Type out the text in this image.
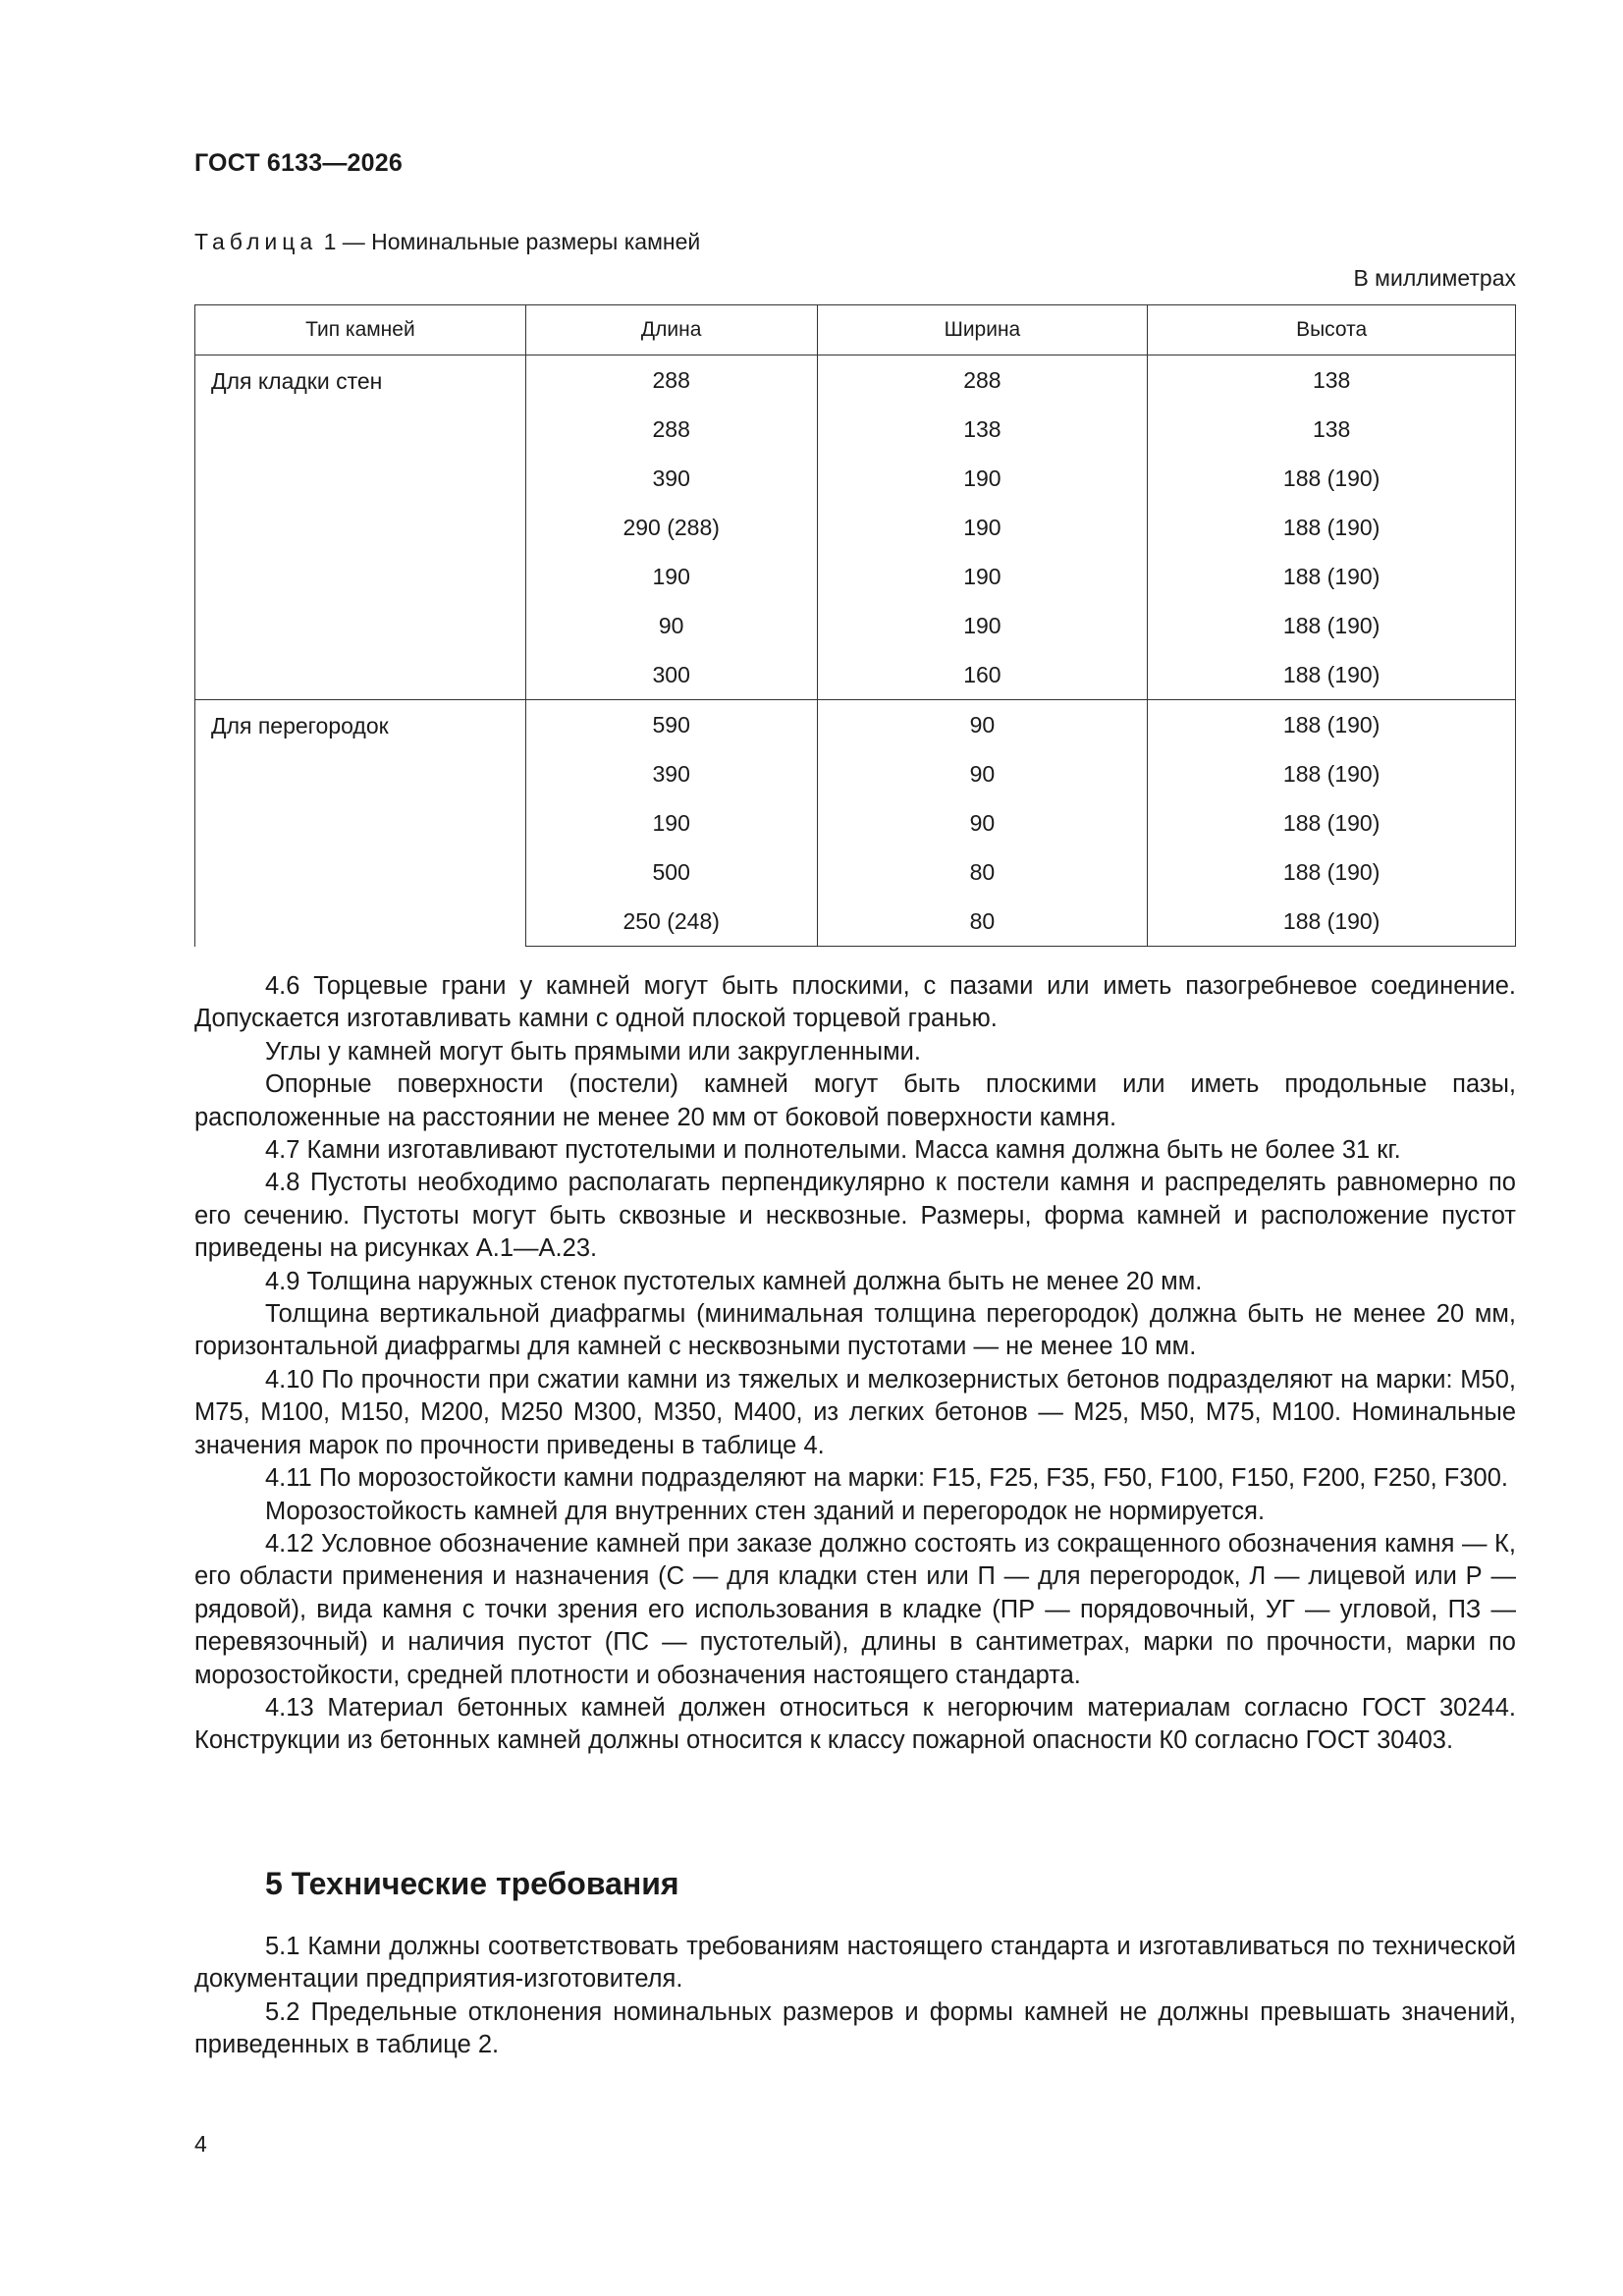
ГОСТ 6133—2026
Таблица 1 — Номинальные размеры камней
В миллиметрах
Тип камней	Длина	Ширина	Высота
Для кладки стен	288	288	138
	288	138	138
	390	190	188 (190)
	290 (288)	190	188 (190)
	190	190	188 (190)
	90	190	188 (190)
	300	160	188 (190)
Для перегородок	590	90	188 (190)
	390	90	188 (190)
	190	90	188 (190)
	500	80	188 (190)
	250 (248)	80	188 (190)

4.6 Торцевые грани у камней могут быть плоскими, с пазами или иметь пазогребневое соединение. Допускается изготавливать камни с одной плоской торцевой гранью.

Углы у камней могут быть прямыми или закругленными.

Опорные поверхности (постели) камней могут быть плоскими или иметь продольные пазы, расположенные на расстоянии не менее 20 мм от боковой поверхности камня.

4.7 Камни изготавливают пустотелыми и полнотелыми. Масса камня должна быть не более 31 кг.

4.8 Пустоты необходимо располагать перпендикулярно к постели камня и распределять равномерно по его сечению. Пустоты могут быть сквозные и несквозные. Размеры, форма камней и расположение пустот приведены на рисунках А.1—А.23.

4.9 Толщина наружных стенок пустотелых камней должна быть не менее 20 мм.

Толщина вертикальной диафрагмы (минимальная толщина перегородок) должна быть не менее 20 мм, горизонтальной диафрагмы для камней с несквозными пустотами — не менее 10 мм.

4.10 По прочности при сжатии камни из тяжелых и мелкозернистых бетонов подразделяют на марки: М50, М75, М100, М150, М200, М250 М300, М350, М400, из легких бетонов — М25, М50, М75, М100. Номинальные значения марок по прочности приведены в таблице 4.

4.11 По морозостойкости камни подразделяют на марки: F15, F25, F35, F50, F100, F150, F200, F250, F300.

Морозостойкость камней для внутренних стен зданий и перегородок не нормируется.

4.12 Условное обозначение камней при заказе должно состоять из сокращенного обозначения камня — К, его области применения и назначения (С — для кладки стен или П — для перегородок, Л — лицевой или Р — рядовой), вида камня с точки зрения его использования в кладке (ПР — порядовочный, УГ — угловой, ПЗ — перевязочный) и наличия пустот (ПС — пустотелый), длины в сантиметрах, марки по прочности, марки по морозостойкости, средней плотности и обозначения настоящего стандарта.

4.13 Материал бетонных камней должен относиться к негорючим материалам согласно ГОСТ 30244. Конструкции из бетонных камней должны относится к классу пожарной опасности К0 согласно ГОСТ 30403.

5 Технические требования

5.1 Камни должны соответствовать требованиям настоящего стандарта и изготавливаться по технической документации предприятия-изготовителя.

5.2 Предельные отклонения номинальных размеров и формы камней не должны превышать значений, приведенных в таблице 2.

4
